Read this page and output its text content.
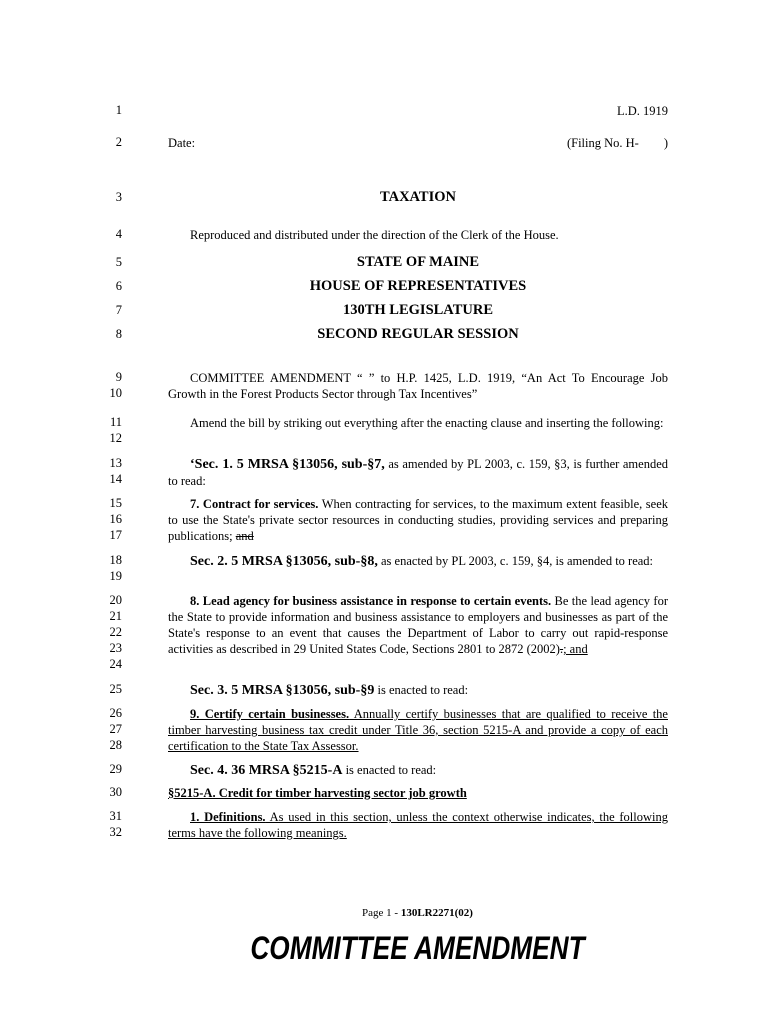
1
2
3
4
5
6
7
8
9
10
11
12
13
14
15
16
17
18
19
20
21
22
23
24
25
26
27
28
29
30
31
32
L.D. 1919
Date:	(Filing No. H-        )
TAXATION
Reproduced and distributed under the direction of the Clerk of the House.
STATE OF MAINE
HOUSE OF REPRESENTATIVES
130TH LEGISLATURE
SECOND REGULAR SESSION
COMMITTEE AMENDMENT “ ” to H.P. 1425, L.D. 1919, “An Act To Encourage Job Growth in the Forest Products Sector through Tax Incentives”
Amend the bill by striking out everything after the enacting clause and inserting the following:
‘Sec. 1. 5 MRSA §13056, sub-§7, as amended by PL 2003, c. 159, §3, is further amended to read:
7. Contract for services. When contracting for services, to the maximum extent feasible, seek to use the State's private sector resources in conducting studies, providing services and preparing publications; and
Sec. 2. 5 MRSA §13056, sub-§8, as enacted by PL 2003, c. 159, §4, is amended to read:
8. Lead agency for business assistance in response to certain events. Be the lead agency for the State to provide information and business assistance to employers and businesses as part of the State's response to an event that causes the Department of Labor to carry out rapid-response activities as described in 29 United States Code, Sections 2801 to 2872 (2002).; and
Sec. 3. 5 MRSA §13056, sub-§9 is enacted to read:
9. Certify certain businesses. Annually certify businesses that are qualified to receive the timber harvesting business tax credit under Title 36, section 5215-A and provide a copy of each certification to the State Tax Assessor.
Sec. 4. 36 MRSA §5215-A is enacted to read:
§5215-A. Credit for timber harvesting sector job growth
1. Definitions. As used in this section, unless the context otherwise indicates, the following terms have the following meanings.
Page 1 - 130LR2271(02)
COMMITTEE AMENDMENT
